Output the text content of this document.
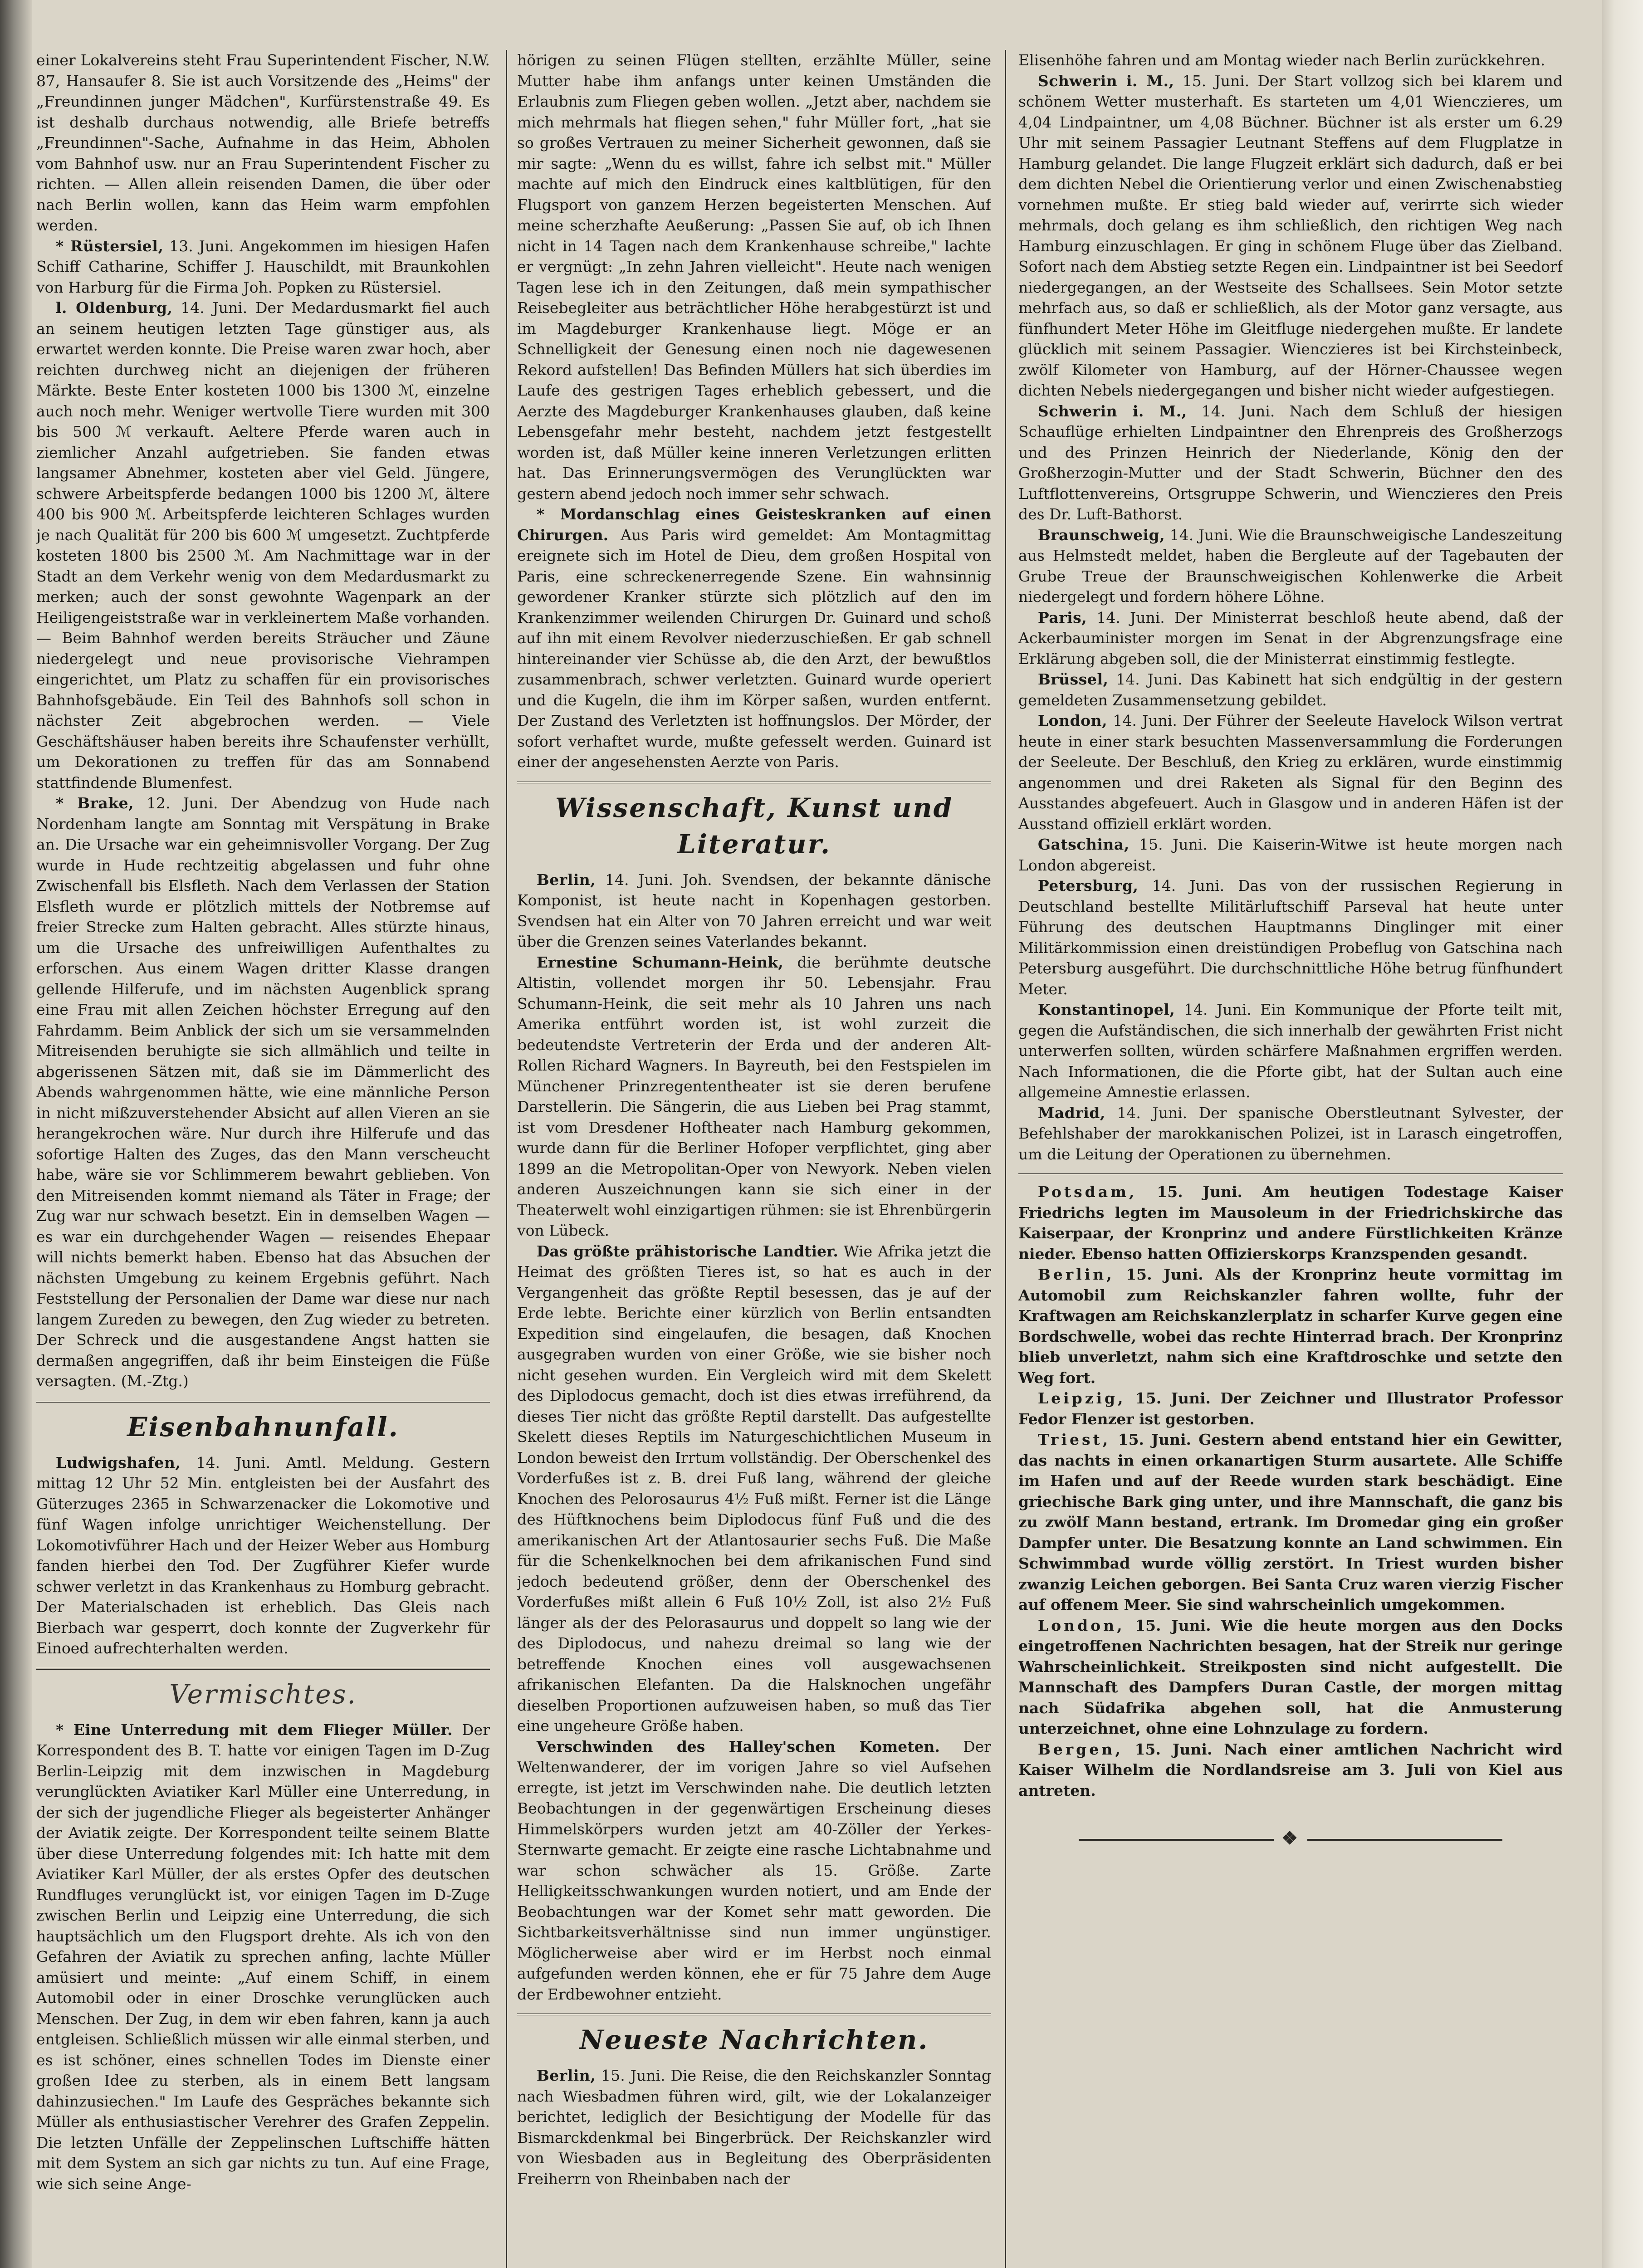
einer Lokalvereins steht Frau Superintendent Fischer, N.W. 87, Hansaufer 8. Sie ist auch Vorsitzende des „Heims" der „Freundinnen junger Mädchen", Kurfürstenstraße 49. Es ist deshalb durchaus notwendig, alle Briefe betreffs „Freundinnen"-Sache, Aufnahme in das Heim, Abholen vom Bahnhof usw. nur an Frau Superintendent Fischer zu richten. — Allen allein reisenden Damen, die über oder nach Berlin wollen, kann das Heim warm empfohlen werden.

* Rüstersiel, 13. Juni. Angekommen im hiesigen Hafen Schiff Catharine, Schiffer J. Hauschildt, mit Braunkohlen von Harburg für die Firma Joh. Popken zu Rüstersiel.

l. Oldenburg, 14. Juni. Der Medardusmarkt fiel auch an seinem heutigen letzten Tage günstiger aus, als erwartet werden konnte. Die Preise waren zwar hoch, aber reichten durchweg nicht an diejenigen der früheren Märkte. Beste Enter kosteten 1000 bis 1300 ℳ, einzelne auch noch mehr. Weniger wertvolle Tiere wurden mit 300 bis 500 ℳ verkauft. Aeltere Pferde waren auch in ziemlicher Anzahl aufgetrieben. Sie fanden etwas langsamer Abnehmer, kosteten aber viel Geld. Jüngere, schwere Arbeitspferde bedangen 1000 bis 1200 ℳ, ältere 400 bis 900 ℳ. Arbeitspferde leichteren Schlages wurden je nach Qualität für 200 bis 600 ℳ umgesetzt. Zuchtpferde kosteten 1800 bis 2500 ℳ. Am Nachmittage war in der Stadt an dem Verkehr wenig von dem Medardusmarkt zu merken; auch der sonst gewohnte Wagenpark an der Heiligengeiststraße war in verkleinertem Maße vorhanden. — Beim Bahnhof werden bereits Sträucher und Zäune niedergelegt und neue provisorische Viehrampen eingerichtet, um Platz zu schaffen für ein provisorisches Bahnhofsgebäude. Ein Teil des Bahnhofs soll schon in nächster Zeit abgebrochen werden. — Viele Geschäftshäuser haben bereits ihre Schaufenster verhüllt, um Dekorationen zu treffen für das am Sonnabend stattfindende Blumenfest.

* Brake, 12. Juni. Der Abendzug von Hude nach Nordenham langte am Sonntag mit Verspätung in Brake an. Die Ursache war ein geheimnisvoller Vorgang. Der Zug wurde in Hude rechtzeitig abgelassen und fuhr ohne Zwischenfall bis Elsfleth. Nach dem Verlassen der Station Elsfleth wurde er plötzlich mittels der Notbremse auf freier Strecke zum Halten gebracht. Alles stürzte hinaus, um die Ursache des unfreiwilligen Aufenthaltes zu erforschen. Aus einem Wagen dritter Klasse drangen gellende Hilferufe, und im nächsten Augenblick sprang eine Frau mit allen Zeichen höchster Erregung auf den Fahrdamm. Beim Anblick der sich um sie versammelnden Mitreisenden beruhigte sie sich allmählich und teilte in abgerissenen Sätzen mit, daß sie im Dämmerlicht des Abends wahrgenommen hätte, wie eine männliche Person in nicht mißzuverstehender Absicht auf allen Vieren an sie herangekrochen wäre. Nur durch ihre Hilferufe und das sofortige Halten des Zuges, das den Mann verscheucht habe, wäre sie vor Schlimmerem bewahrt geblieben. Von den Mitreisenden kommt niemand als Täter in Frage; der Zug war nur schwach besetzt. Ein in demselben Wagen — es war ein durchgehender Wagen — reisendes Ehepaar will nichts bemerkt haben. Ebenso hat das Absuchen der nächsten Umgebung zu keinem Ergebnis geführt. Nach Feststellung der Personalien der Dame war diese nur nach langem Zureden zu bewegen, den Zug wieder zu betreten. Der Schreck und die ausgestandene Angst hatten sie dermaßen angegriffen, daß ihr beim Einsteigen die Füße versagten. (M.-Ztg.)

Eisenbahnunfall.

Ludwigshafen, 14. Juni. Amtl. Meldung. Gestern mittag 12 Uhr 52 Min. entgleisten bei der Ausfahrt des Güterzuges 2365 in Schwarzenacker die Lokomotive und fünf Wagen infolge unrichtiger Weichenstellung. Der Lokomotivführer Hach und der Heizer Weber aus Homburg fanden hierbei den Tod. Der Zugführer Kiefer wurde schwer verletzt in das Krankenhaus zu Homburg gebracht. Der Materialschaden ist erheblich. Das Gleis nach Bierbach war gesperrt, doch konnte der Zugverkehr für Einoed aufrechterhalten werden.

Vermischtes.

* Eine Unterredung mit dem Flieger Müller. Der Korrespondent des B. T. hatte vor einigen Tagen im D-Zug Berlin-Leipzig mit dem inzwischen in Magdeburg verunglückten Aviatiker Karl Müller eine Unterredung, in der sich der jugendliche Flieger als begeisterter Anhänger der Aviatik zeigte. Der Korrespondent teilte seinem Blatte über diese Unterredung folgendes mit: Ich hatte mit dem Aviatiker Karl Müller, der als erstes Opfer des deutschen Rundfluges verunglückt ist, vor einigen Tagen im D-Zuge zwischen Berlin und Leipzig eine Unterredung, die sich hauptsächlich um den Flugsport drehte. Als ich von den Gefahren der Aviatik zu sprechen anfing, lachte Müller amüsiert und meinte: „Auf einem Schiff, in einem Automobil oder in einer Droschke verunglücken auch Menschen. Der Zug, in dem wir eben fahren, kann ja auch entgleisen. Schließlich müssen wir alle einmal sterben, und es ist schöner, eines schnellen Todes im Dienste einer großen Idee zu sterben, als in einem Bett langsam dahinzusiechen." Im Laufe des Gespräches bekannte sich Müller als enthusiastischer Verehrer des Grafen Zeppelin. Die letzten Unfälle der Zeppelinschen Luftschiffe hätten mit dem System an sich gar nichts zu tun. Auf eine Frage, wie sich seine Ange-

hörigen zu seinen Flügen stellten, erzählte Müller, seine Mutter habe ihm anfangs unter keinen Umständen die Erlaubnis zum Fliegen geben wollen. „Jetzt aber, nachdem sie mich mehrmals hat fliegen sehen," fuhr Müller fort, „hat sie so großes Vertrauen zu meiner Sicherheit gewonnen, daß sie mir sagte: „Wenn du es willst, fahre ich selbst mit." Müller machte auf mich den Eindruck eines kaltblütigen, für den Flugsport von ganzem Herzen begeisterten Menschen. Auf meine scherzhafte Aeußerung: „Passen Sie auf, ob ich Ihnen nicht in 14 Tagen nach dem Krankenhause schreibe," lachte er vergnügt: „In zehn Jahren vielleicht". Heute nach wenigen Tagen lese ich in den Zeitungen, daß mein sympathischer Reisebegleiter aus beträchtlicher Höhe herabgestürzt ist und im Magdeburger Krankenhause liegt. Möge er an Schnelligkeit der Genesung einen noch nie dagewesenen Rekord aufstellen! Das Befinden Müllers hat sich überdies im Laufe des gestrigen Tages erheblich gebessert, und die Aerzte des Magdeburger Krankenhauses glauben, daß keine Lebensgefahr mehr besteht, nachdem jetzt festgestellt worden ist, daß Müller keine inneren Verletzungen erlitten hat. Das Erinnerungsvermögen des Verunglückten war gestern abend jedoch noch immer sehr schwach.

* Mordanschlag eines Geisteskranken auf einen Chirurgen. Aus Paris wird gemeldet: Am Montagmittag ereignete sich im Hotel de Dieu, dem großen Hospital von Paris, eine schreckenerregende Szene. Ein wahnsinnig gewordener Kranker stürzte sich plötzlich auf den im Krankenzimmer weilenden Chirurgen Dr. Guinard und schoß auf ihn mit einem Revolver niederzuschießen. Er gab schnell hintereinander vier Schüsse ab, die den Arzt, der bewußtlos zusammenbrach, schwer verletzten. Guinard wurde operiert und die Kugeln, die ihm im Körper saßen, wurden entfernt. Der Zustand des Verletzten ist hoffnungslos. Der Mörder, der sofort verhaftet wurde, mußte gefesselt werden. Guinard ist einer der angesehensten Aerzte von Paris.

Wissenschaft, Kunst und Literatur.

Berlin, 14. Juni. Joh. Svendsen, der bekannte dänische Komponist, ist heute nacht in Kopenhagen gestorben. Svendsen hat ein Alter von 70 Jahren erreicht und war weit über die Grenzen seines Vaterlandes bekannt.

Ernestine Schumann-Heink, die berühmte deutsche Altistin, vollendet morgen ihr 50. Lebensjahr. Frau Schumann-Heink, die seit mehr als 10 Jahren uns nach Amerika entführt worden ist, ist wohl zurzeit die bedeutendste Vertreterin der Erda und der anderen Alt-Rollen Richard Wagners. In Bayreuth, bei den Festspielen im Münchener Prinzregententheater ist sie deren berufene Darstellerin. Die Sängerin, die aus Lieben bei Prag stammt, ist vom Dresdener Hoftheater nach Hamburg gekommen, wurde dann für die Berliner Hofoper verpflichtet, ging aber 1899 an die Metropolitan-Oper von Newyork. Neben vielen anderen Auszeichnungen kann sie sich einer in der Theaterwelt wohl einzigartigen rühmen: sie ist Ehrenbürgerin von Lübeck.

Das größte prähistorische Landtier. Wie Afrika jetzt die Heimat des größten Tieres ist, so hat es auch in der Vergangenheit das größte Reptil besessen, das je auf der Erde lebte. Berichte einer kürzlich von Berlin entsandten Expedition sind eingelaufen, die besagen, daß Knochen ausgegraben wurden von einer Größe, wie sie bisher noch nicht gesehen wurden. Ein Vergleich wird mit dem Skelett des Diplodocus gemacht, doch ist dies etwas irreführend, da dieses Tier nicht das größte Reptil darstellt. Das aufgestellte Skelett dieses Reptils im Naturgeschichtlichen Museum in London beweist den Irrtum vollständig. Der Oberschenkel des Vorderfußes ist z. B. drei Fuß lang, während der gleiche Knochen des Pelorosaurus 4½ Fuß mißt. Ferner ist die Länge des Hüftknochens beim Diplodocus fünf Fuß und die des amerikanischen Art der Atlantosaurier sechs Fuß. Die Maße für die Schenkelknochen bei dem afrikanischen Fund sind jedoch bedeutend größer, denn der Oberschenkel des Vorderfußes mißt allein 6 Fuß 10½ Zoll, ist also 2½ Fuß länger als der des Pelorasaurus und doppelt so lang wie der des Diplodocus, und nahezu dreimal so lang wie der betreffende Knochen eines voll ausgewachsenen afrikanischen Elefanten. Da die Halsknochen ungefähr dieselben Proportionen aufzuweisen haben, so muß das Tier eine ungeheure Größe haben.

Verschwinden des Halley'schen Kometen. Der Weltenwanderer, der im vorigen Jahre so viel Aufsehen erregte, ist jetzt im Verschwinden nahe. Die deutlich letzten Beobachtungen in der gegenwärtigen Erscheinung dieses Himmelskörpers wurden jetzt am 40-Zöller der Yerkes-Sternwarte gemacht. Er zeigte eine rasche Lichtabnahme und war schon schwächer als 15. Größe. Zarte Helligkeitsschwankungen wurden notiert, und am Ende der Beobachtungen war der Komet sehr matt geworden. Die Sichtbarkeitsverhältnisse sind nun immer ungünstiger. Möglicherweise aber wird er im Herbst noch einmal aufgefunden werden können, ehe er für 75 Jahre dem Auge der Erdbewohner entzieht.

Neueste Nachrichten.

Berlin, 15. Juni. Die Reise, die den Reichskanzler Sonntag nach Wiesbadmen führen wird, gilt, wie der Lokalanzeiger berichtet, lediglich der Besichtigung der Modelle für das Bismarckdenkmal bei Bingerbrück. Der Reichskanzler wird von Wiesbaden aus in Begleitung des Oberpräsidenten Freiherrn von Rheinbaben nach der

Elisenhöhe fahren und am Montag wieder nach Berlin zurückkehren.

Schwerin i. M., 15. Juni. Der Start vollzog sich bei klarem und schönem Wetter musterhaft. Es starteten um 4,01 Wienczieres, um 4,04 Lindpaintner, um 4,08 Büchner. Büchner ist als erster um 6.29 Uhr mit seinem Passagier Leutnant Steffens auf dem Flugplatze in Hamburg gelandet. Die lange Flugzeit erklärt sich dadurch, daß er bei dem dichten Nebel die Orientierung verlor und einen Zwischenabstieg vornehmen mußte. Er stieg bald wieder auf, verirrte sich wieder mehrmals, doch gelang es ihm schließlich, den richtigen Weg nach Hamburg einzuschlagen. Er ging in schönem Fluge über das Zielband. Sofort nach dem Abstieg setzte Regen ein. Lindpaintner ist bei Seedorf niedergegangen, an der Westseite des Schallsees. Sein Motor setzte mehrfach aus, so daß er schließlich, als der Motor ganz versagte, aus fünfhundert Meter Höhe im Gleitfluge niedergehen mußte. Er landete glücklich mit seinem Passagier. Wienczieres ist bei Kirchsteinbeck, zwölf Kilometer von Hamburg, auf der Hörner-Chaussee wegen dichten Nebels niedergegangen und bisher nicht wieder aufgestiegen.

Schwerin i. M., 14. Juni. Nach dem Schluß der hiesigen Schauflüge erhielten Lindpaintner den Ehrenpreis des Großherzogs und des Prinzen Heinrich der Niederlande, König den der Großherzogin-Mutter und der Stadt Schwerin, Büchner den des Luftflottenvereins, Ortsgruppe Schwerin, und Wienczieres den Preis des Dr. Luft-Bathorst.

Braunschweig, 14. Juni. Wie die Braunschweigische Landeszeitung aus Helmstedt meldet, haben die Bergleute auf der Tagebauten der Grube Treue der Braunschweigischen Kohlenwerke die Arbeit niedergelegt und fordern höhere Löhne.

Paris, 14. Juni. Der Ministerrat beschloß heute abend, daß der Ackerbauminister morgen im Senat in der Abgrenzungsfrage eine Erklärung abgeben soll, die der Ministerrat einstimmig festlegte.

Brüssel, 14. Juni. Das Kabinett hat sich endgültig in der gestern gemeldeten Zusammensetzung gebildet.

London, 14. Juni. Der Führer der Seeleute Havelock Wilson vertrat heute in einer stark besuchten Massenversammlung die Forderungen der Seeleute. Der Beschluß, den Krieg zu erklären, wurde einstimmig angenommen und drei Raketen als Signal für den Beginn des Ausstandes abgefeuert. Auch in Glasgow und in anderen Häfen ist der Ausstand offiziell erklärt worden.

Gatschina, 15. Juni. Die Kaiserin-Witwe ist heute morgen nach London abgereist.

Petersburg, 14. Juni. Das von der russischen Regierung in Deutschland bestellte Militärluftschiff Parseval hat heute unter Führung des deutschen Hauptmanns Dinglinger mit einer Militärkommission einen dreistündigen Probeflug von Gatschina nach Petersburg ausgeführt. Die durchschnittliche Höhe betrug fünfhundert Meter.

Konstantinopel, 14. Juni. Ein Kommunique der Pforte teilt mit, gegen die Aufständischen, die sich innerhalb der gewährten Frist nicht unterwerfen sollten, würden schärfere Maßnahmen ergriffen werden. Nach Informationen, die die Pforte gibt, hat der Sultan auch eine allgemeine Amnestie erlassen.

Madrid, 14. Juni. Der spanische Oberstleutnant Sylvester, der Befehlshaber der marokkanischen Polizei, ist in Larasch eingetroffen, um die Leitung der Operationen zu übernehmen.

Potsdam, 15. Juni. Am heutigen Todestage Kaiser Friedrichs legten im Mausoleum in der Friedrichskirche das Kaiserpaar, der Kronprinz und andere Fürstlichkeiten Kränze nieder. Ebenso hatten Offizierskorps Kranzspenden gesandt.

Berlin, 15. Juni. Als der Kronprinz heute vormittag im Automobil zum Reichskanzler fahren wollte, fuhr der Kraftwagen am Reichskanzlerplatz in scharfer Kurve gegen eine Bordschwelle, wobei das rechte Hinterrad brach. Der Kronprinz blieb unverletzt, nahm sich eine Kraftdroschke und setzte den Weg fort.

Leipzig, 15. Juni. Der Zeichner und Illustrator Professor Fedor Flenzer ist gestorben.

Triest, 15. Juni. Gestern abend entstand hier ein Gewitter, das nachts in einen orkanartigen Sturm ausartete. Alle Schiffe im Hafen und auf der Reede wurden stark beschädigt. Eine griechische Bark ging unter, und ihre Mannschaft, die ganz bis zu zwölf Mann bestand, ertrank. Im Dromedar ging ein großer Dampfer unter. Die Besatzung konnte an Land schwimmen. Ein Schwimmbad wurde völlig zerstört. In Triest wurden bisher zwanzig Leichen geborgen. Bei Santa Cruz waren vierzig Fischer auf offenem Meer. Sie sind wahrscheinlich umgekommen.

London, 15. Juni. Wie die heute morgen aus den Docks eingetroffenen Nachrichten besagen, hat der Streik nur geringe Wahrscheinlichkeit. Streikposten sind nicht aufgestellt. Die Mannschaft des Dampfers Duran Castle, der morgen mittag nach Südafrika abgehen soll, hat die Anmusterung unterzeichnet, ohne eine Lohnzulage zu fordern.

Bergen, 15. Juni. Nach einer amtlichen Nachricht wird Kaiser Wilhelm die Nordlandsreise am 3. Juli von Kiel aus antreten.

❖
